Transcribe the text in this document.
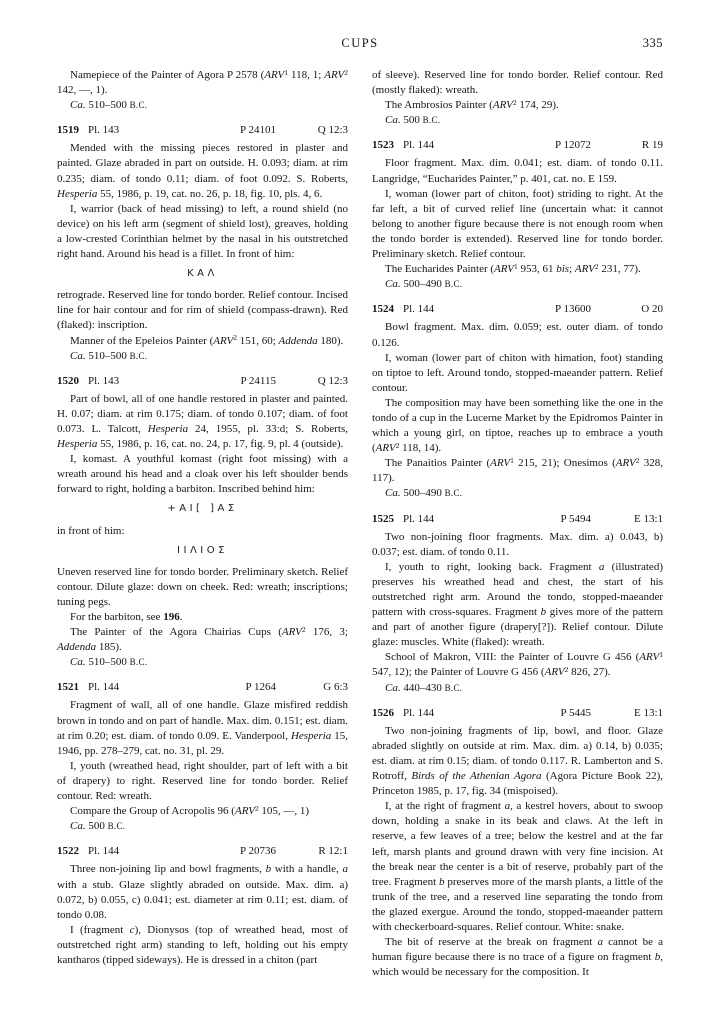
CUPS	335
Namepiece of the Painter of Agora P 2578 (ARV$^1$ 118, 1; ARV$^2$ 142, —, 1).
Ca. 510–500 B.C.
1519 Pl. 143	P 24101	Q 12:3
Mended with the missing pieces restored in plaster and painted. Glaze abraded in part on outside. H. 0.093; diam. at rim 0.235; diam. of tondo 0.11; diam. of foot 0.092. S. Roberts, Hesperia 55, 1986, p. 19, cat. no. 26, p. 18, fig. 10, pls. 4, 6.
I, warrior (back of head missing) to left, a round shield (no device) on his left arm (segment of shield lost), greaves, holding a low-crested Corinthian helmet by the nasal in his outstretched right hand. Around his head is a fillet. In front of him:
ΚΑΛ
retrograde. Reserved line for tondo border. Relief contour. Incised line for hair contour and for rim of shield (compass-drawn). Red (flaked): inscription.
Manner of the Epeleios Painter (ARV$^2$ 151, 60; Addenda 180).
Ca. 510–500 B.C.
1520 Pl. 143	P 24115	Q 12:3
Part of bowl, all of one handle restored in plaster and painted. H. 0.07; diam. at rim 0.175; diam. of tondo 0.107; diam. of foot 0.073. L. Talcott, Hesperia 24, 1955, pl. 33:d; S. Roberts, Hesperia 55, 1986, p. 16, cat. no. 24, p. 17, fig. 9, pl. 4 (outside).
I, komast. A youthful komast (right foot missing) with a wreath around his head and a cloak over his left shoulder bends forward to right, holding a barbiton. Inscribed behind him:
+ΑΙ[ ]ΑΣ
in front of him:
ΙΙΛΙΟΣ
Uneven reserved line for tondo border. Preliminary sketch. Relief contour. Dilute glaze: down on cheek. Red: wreath; inscriptions; tuning pegs.
For the barbiton, see 196.
The Painter of the Agora Chairias Cups (ARV$^2$ 176, 3; Addenda 185).
Ca. 510–500 B.C.
1521 Pl. 144	P 1264	G 6:3
Fragment of wall, all of one handle. Glaze misfired reddish brown in tondo and on part of handle. Max. dim. 0.151; est. diam. at rim 0.20; est. diam. of tondo 0.09. E. Vanderpool, Hesperia 15, 1946, pp. 278–279, cat. no. 31, pl. 29.
I, youth (wreathed head, right shoulder, part of left with a bit of drapery) to right. Reserved line for tondo border. Relief contour. Red: wreath.
Compare the Group of Acropolis 96 (ARV$^2$ 105, —, 1)
Ca. 500 B.C.
1522 Pl. 144	P 20736	R 12:1
Three non-joining lip and bowl fragments, b with a handle, a with a stub. Glaze slightly abraded on outside. Max. dim. a) 0.072, b) 0.055, c) 0.041; est. diameter at rim 0.11; est. diam. of tondo 0.08.
I (fragment c), Dionysos (top of wreathed head, most of outstretched right arm) standing to left, holding out his empty kantharos (tipped sideways). He is dressed in a chiton (part
of sleeve). Reserved line for tondo border. Relief contour. Red (mostly flaked): wreath.
The Ambrosios Painter (ARV$^2$ 174, 29).
Ca. 500 B.C.
1523 Pl. 144	P 12072	R 19
Floor fragment. Max. dim. 0.041; est. diam. of tondo 0.11. Langridge, “Eucharides Painter,” p. 401, cat. no. E 159.
I, woman (lower part of chiton, foot) striding to right. At the far left, a bit of curved relief line (uncertain what: it cannot belong to another figure because there is not enough room when the tondo border is extended). Reserved line for tondo border. Preliminary sketch. Relief contour.
The Eucharides Painter (ARV$^1$ 953, 61 bis; ARV$^2$ 231, 77).
Ca. 500–490 B.C.
1524 Pl. 144	P 13600	O 20
Bowl fragment. Max. dim. 0.059; est. outer diam. of tondo 0.126.
I, woman (lower part of chiton with himation, foot) standing on tiptoe to left. Around tondo, stopped-maeander pattern. Relief contour.
The composition may have been something like the one in the tondo of a cup in the Lucerne Market by the Epidromos Painter in which a young girl, on tiptoe, reaches up to embrace a youth (ARV$^2$ 118, 14).
The Panaitios Painter (ARV$^1$ 215, 21); Onesimos (ARV$^2$ 328, 117).
Ca. 500–490 B.C.
1525 Pl. 144	P 5494	E 13:1
Two non-joining floor fragments. Max. dim. a) 0.043, b) 0.037; est. diam. of tondo 0.11.
I, youth to right, looking back. Fragment a (illustrated) preserves his wreathed head and chest, the start of his outstretched right arm. Around the tondo, stopped-maeander pattern with cross-squares. Fragment b gives more of the pattern and part of another figure (drapery[?]). Relief contour. Dilute glaze: muscles. White (flaked): wreath.
School of Makron, VIII: the Painter of Louvre G 456 (ARV$^1$ 547, 12); the Painter of Louvre G 456 (ARV$^2$ 826, 27).
Ca. 440–430 B.C.
1526 Pl. 144	P 5445	E 13:1
Two non-joining fragments of lip, bowl, and floor. Glaze abraded slightly on outside at rim. Max. dim. a) 0.14, b) 0.035; est. diam. at rim 0.15; diam. of tondo 0.117. R. Lamberton and S. Rotroff, Birds of the Athenian Agora (Agora Picture Book 22), Princeton 1985, p. 17, fig. 34 (mispoised).
I, at the right of fragment a, a kestrel hovers, about to swoop down, holding a snake in its beak and claws. At the left in reserve, a few leaves of a tree; below the kestrel and at the far left, marsh plants and ground drawn with very fine incision. At the break near the center is a bit of reserve, probably part of the tree. Fragment b preserves more of the marsh plants, a little of the trunk of the tree, and a reserved line separating the tondo from the glazed exergue. Around the tondo, stopped-maeander pattern with checkerboard-squares. Relief contour. White: snake.
The bit of reserve at the break on fragment a cannot be a human figure because there is no trace of a figure on fragment b, which would be necessary for the composition. It
